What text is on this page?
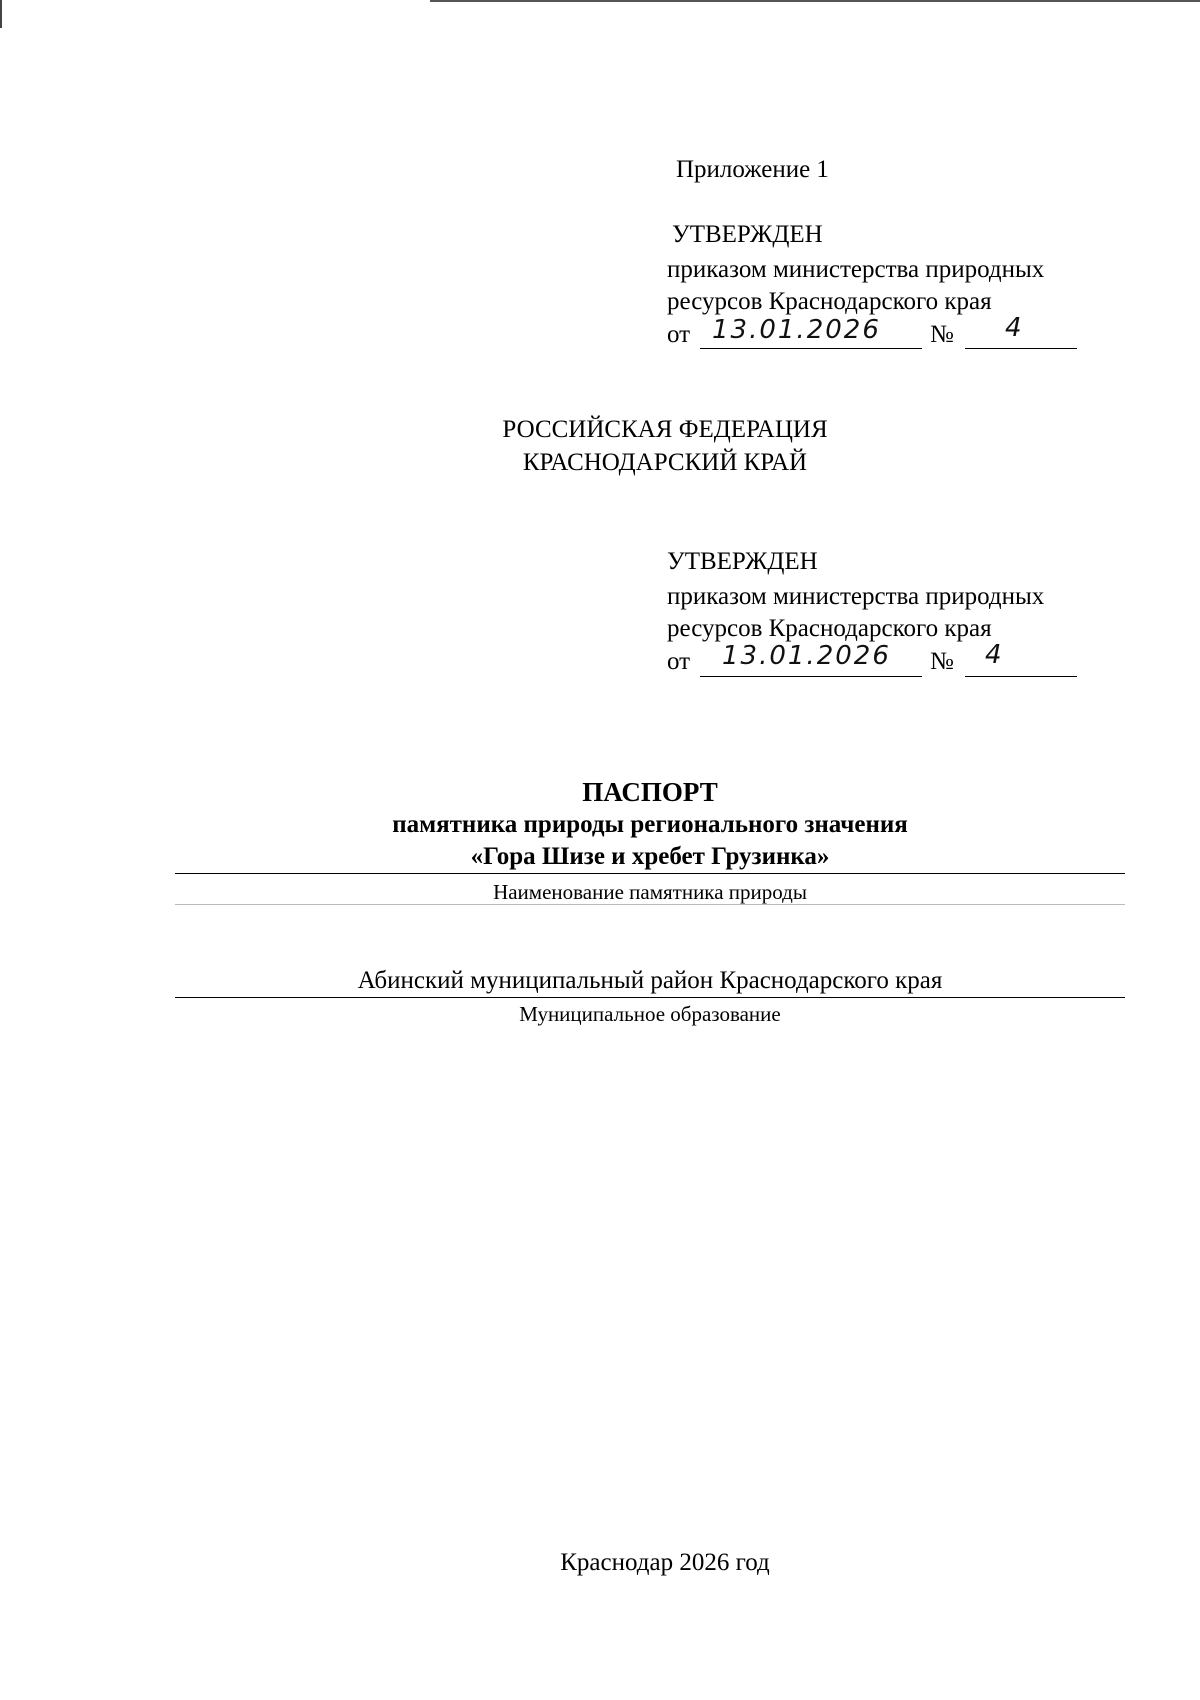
Приложение 1
УТВЕРЖДЕН
приказом министерства природных
ресурсов Краснодарского края
от 13.01.2026 № 4
РОССИЙСКАЯ ФЕДЕРАЦИЯ
КРАСНОДАРСКИЙ КРАЙ
УТВЕРЖДЕН
приказом министерства природных
ресурсов Краснодарского края
от 13.01.2026 № 4
ПАСПОРТ
памятника природы регионального значения
«Гора Шизе и хребет Грузинка»
Наименование памятника природы
Абинский муниципальный район Краснодарского края
Муниципальное образование
Краснодар 2026 год
